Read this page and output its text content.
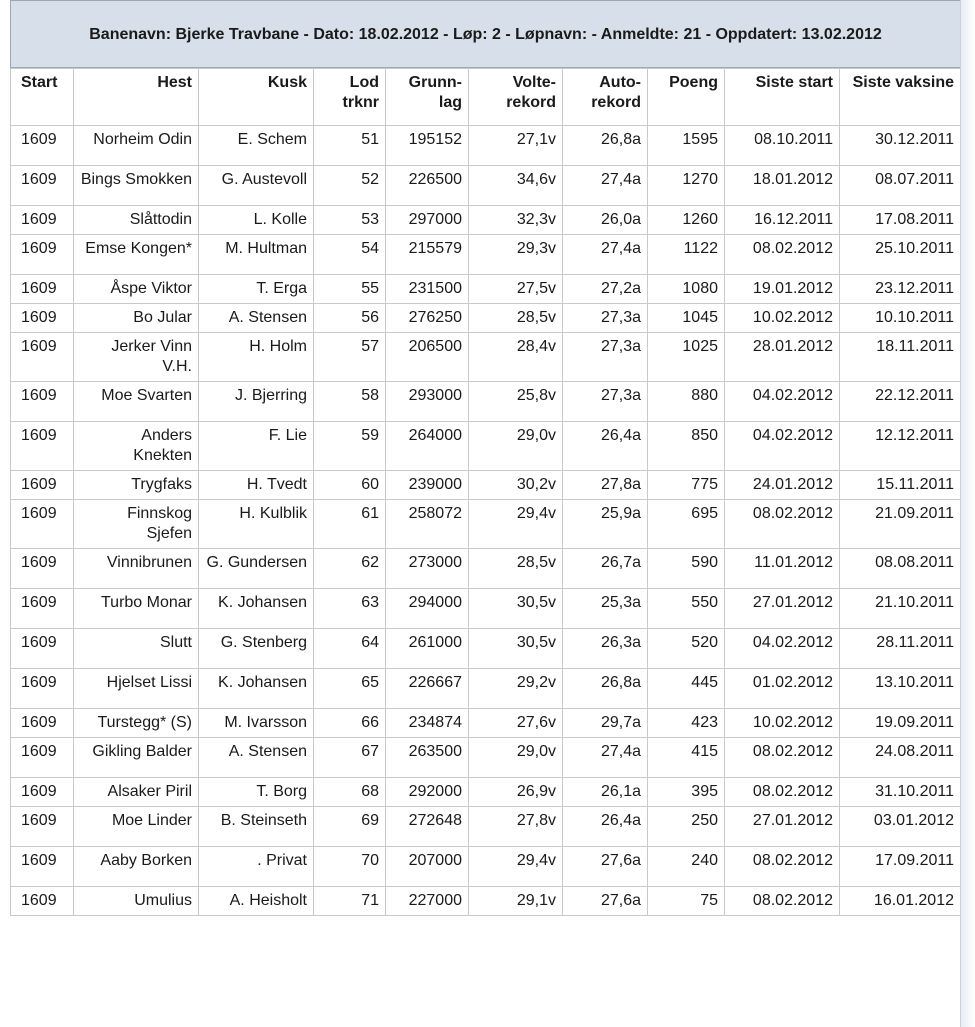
Banenavn: Bjerke Travbane - Dato: 18.02.2012 - Løp: 2 - Løpnavn: - Anmeldte: 21 - Oppdatert: 13.02.2012
Start	Hest	Kusk	Lod trknr	Grunn-lag	Volte-rekord	Auto-rekord	Poeng	Siste start	Siste vaksine
1609	Norheim Odin	E. Schem	51	195152	27,1v	26,8a	1595	08.10.2011	30.12.2011
1609	Bings Smokken	G. Austevoll	52	226500	34,6v	27,4a	1270	18.01.2012	08.07.2011
1609	Slåttodin	L. Kolle	53	297000	32,3v	26,0a	1260	16.12.2011	17.08.2011
1609	Emse Kongen*	M. Hultman	54	215579	29,3v	27,4a	1122	08.02.2012	25.10.2011
1609	Åspe Viktor	T. Erga	55	231500	27,5v	27,2a	1080	19.01.2012	23.12.2011
1609	Bo Jular	A. Stensen	56	276250	28,5v	27,3a	1045	10.02.2012	10.10.2011
1609	Jerker Vinn V.H.	H. Holm	57	206500	28,4v	27,3a	1025	28.01.2012	18.11.2011
1609	Moe Svarten	J. Bjerring	58	293000	25,8v	27,3a	880	04.02.2012	22.12.2011
1609	Anders Knekten	F. Lie	59	264000	29,0v	26,4a	850	04.02.2012	12.12.2011
1609	Trygfaks	H. Tvedt	60	239000	30,2v	27,8a	775	24.01.2012	15.11.2011
1609	Finnskog Sjefen	H. Kulblik	61	258072	29,4v	25,9a	695	08.02.2012	21.09.2011
1609	Vinnibrunen	G. Gundersen	62	273000	28,5v	26,7a	590	11.01.2012	08.08.2011
1609	Turbo Monar	K. Johansen	63	294000	30,5v	25,3a	550	27.01.2012	21.10.2011
1609	Slutt	G. Stenberg	64	261000	30,5v	26,3a	520	04.02.2012	28.11.2011
1609	Hjelset Lissi	K. Johansen	65	226667	29,2v	26,8a	445	01.02.2012	13.10.2011
1609	Turstegg* (S)	M. Ivarsson	66	234874	27,6v	29,7a	423	10.02.2012	19.09.2011
1609	Gikling Balder	A. Stensen	67	263500	29,0v	27,4a	415	08.02.2012	24.08.2011
1609	Alsaker Piril	T. Borg	68	292000	26,9v	26,1a	395	08.02.2012	31.10.2011
1609	Moe Linder	B. Steinseth	69	272648	27,8v	26,4a	250	27.01.2012	03.01.2012
1609	Aaby Borken	. Privat	70	207000	29,4v	27,6a	240	08.02.2012	17.09.2011
1609	Umulius	A. Heisholt	71	227000	29,1v	27,6a	75	08.02.2012	16.01.2012
